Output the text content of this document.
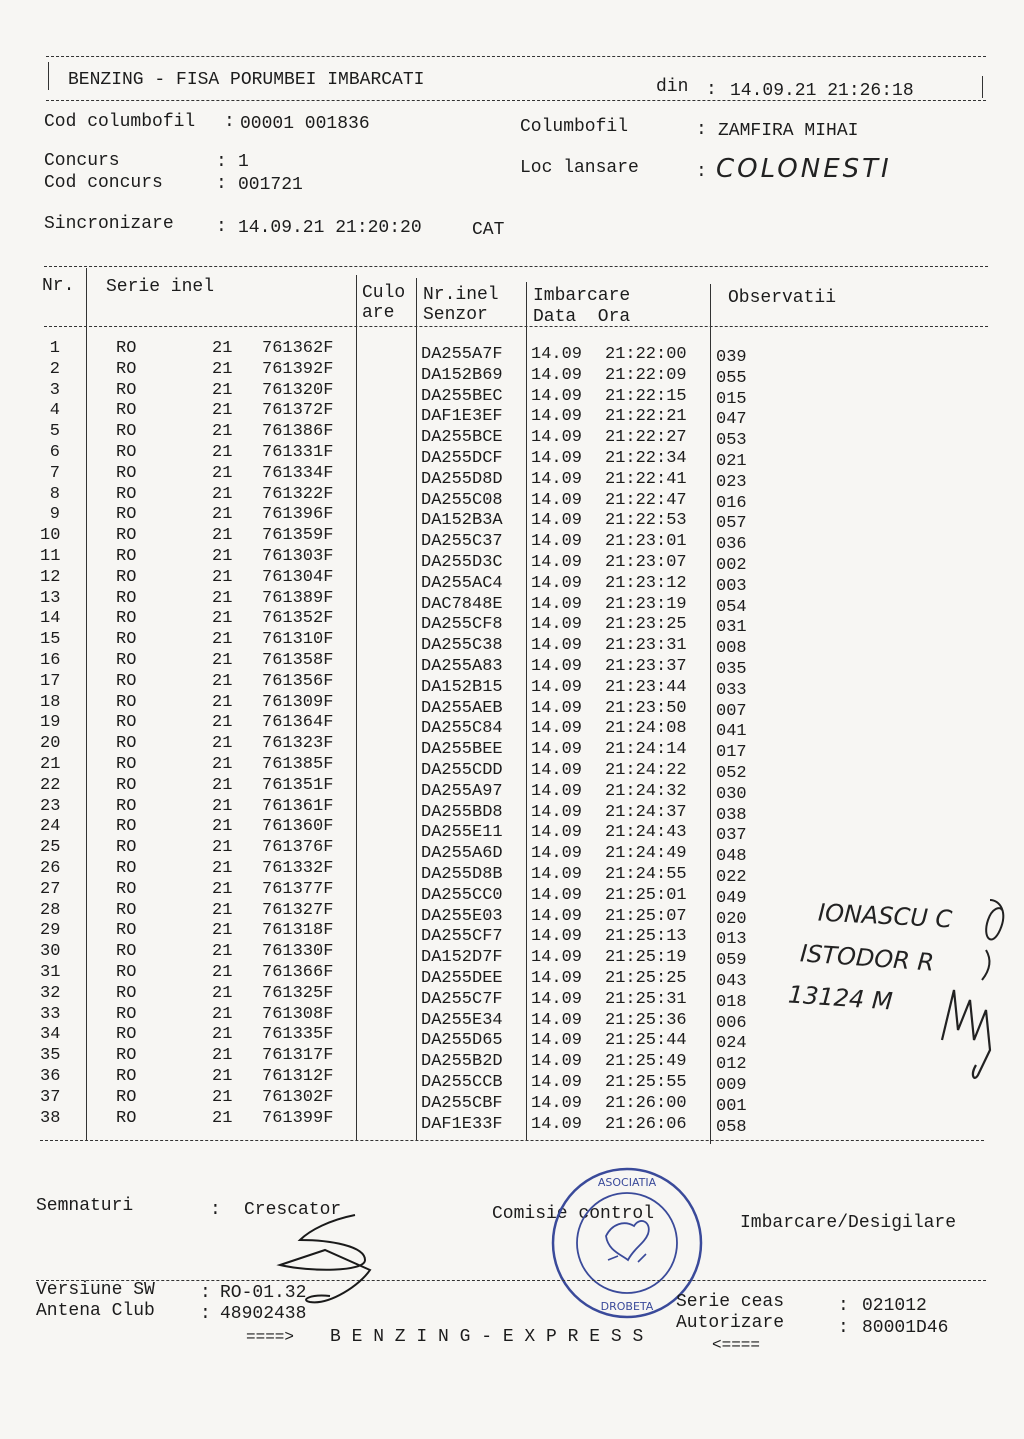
BENZING - FISA PORUMBEI IMBARCATI	din : 14.09.21 21:26:18
Cod columbofil : 00001 001836	Columbofil	: ZAMFIRA MIHAI
Concurs	: 1
Cod concurs	: 001721
Loc lansare	: COLONESTI
Sincronizare : 14.09.21 21:20:20	CAT
Nr. Serie inel	Culo
are
Nr.inel
Senzor
Imbarcare
Data  Ora
Observatii
1	RO	21 761362F	DA255A7F 14.09 21:22:00 039
2	RO	21 761392F	DA152B69 14.09 21:22:09 055
3	RO	21 761320F	DA255BEC 14.09 21:22:15 015
4	RO	21 761372F	DAF1E3EF 14.09 21:22:21 047
5	RO	21 761386F	DA255BCE 14.09 21:22:27 053
6	RO	21 761331F	DA255DCF 14.09 21:22:34 021
7	RO	21 761334F	DA255D8D 14.09 21:22:41 023
8	RO	21 761322F	DA255C08 14.09 21:22:47 016
9	RO	21 761396F	DA152B3A 14.09 21:22:53 057
10	RO	21 761359F	DA255C37 14.09 21:23:01 036
11	RO	21 761303F	DA255D3C 14.09 21:23:07 002
12	RO	21 761304F	DA255AC4 14.09 21:23:12 003
13	RO	21 761389F	DAC7848E 14.09 21:23:19 054
14	RO	21 761352F	DA255CF8 14.09 21:23:25 031
15	RO	21 761310F	DA255C38 14.09 21:23:31 008
16	RO	21 761358F	DA255A83 14.09 21:23:37 035
17	RO	21 761356F	DA152B15 14.09 21:23:44 033
18	RO	21 761309F	DA255AEB 14.09 21:23:50 007
19	RO	21 761364F	DA255C84 14.09 21:24:08 041
20	RO	21 761323F	DA255BEE 14.09 21:24:14 017
21	RO	21 761385F	DA255CDD 14.09 21:24:22 052
22	RO	21 761351F	DA255A97 14.09 21:24:32 030
23	RO	21 761361F	DA255BD8 14.09 21:24:37 038
24	RO	21 761360F	DA255E11 14.09 21:24:43 037
25	RO	21 761376F	DA255A6D 14.09 21:24:49 048
26	RO	21 761332F	DA255D8B 14.09 21:24:55 022
27	RO	21 761377F	DA255CC0 14.09 21:25:01 049
28	RO	21 761327F	DA255E03 14.09 21:25:07 020
29	RO	21 761318F	DA255CF7 14.09 21:25:13 013
30	RO	21 761330F	DA152D7F 14.09 21:25:19 059
31	RO	21 761366F	DA255DEE 14.09 21:25:25 043
32	RO	21 761325F	DA255C7F 14.09 21:25:31 018
33	RO	21 761308F	DA255E34 14.09 21:25:36 006
34	RO	21 761335F	DA255D65 14.09 21:25:44 024
35	RO	21 761317F	DA255B2D 14.09 21:25:49 012
36	RO	21 761312F	DA255CCB 14.09 21:25:55 009
37	RO	21 761302F	DA255CBF 14.09 21:26:00 001
38	RO	21 761399F	DAF1E33F 14.09 21:26:06 058
IONASCU C
ISTODOR R
13124 M
Semnaturi	: Crescator	Comisie control	Imbarcare/Desigilare
ASOCIATIA
DROBETA
Versiune SW	: RO-01.32
Antena Club	: 48902438
Serie ceas	: 021012
Autorizare	: 80001D46
====> B E N Z I N G - E X P R E S S	<====
